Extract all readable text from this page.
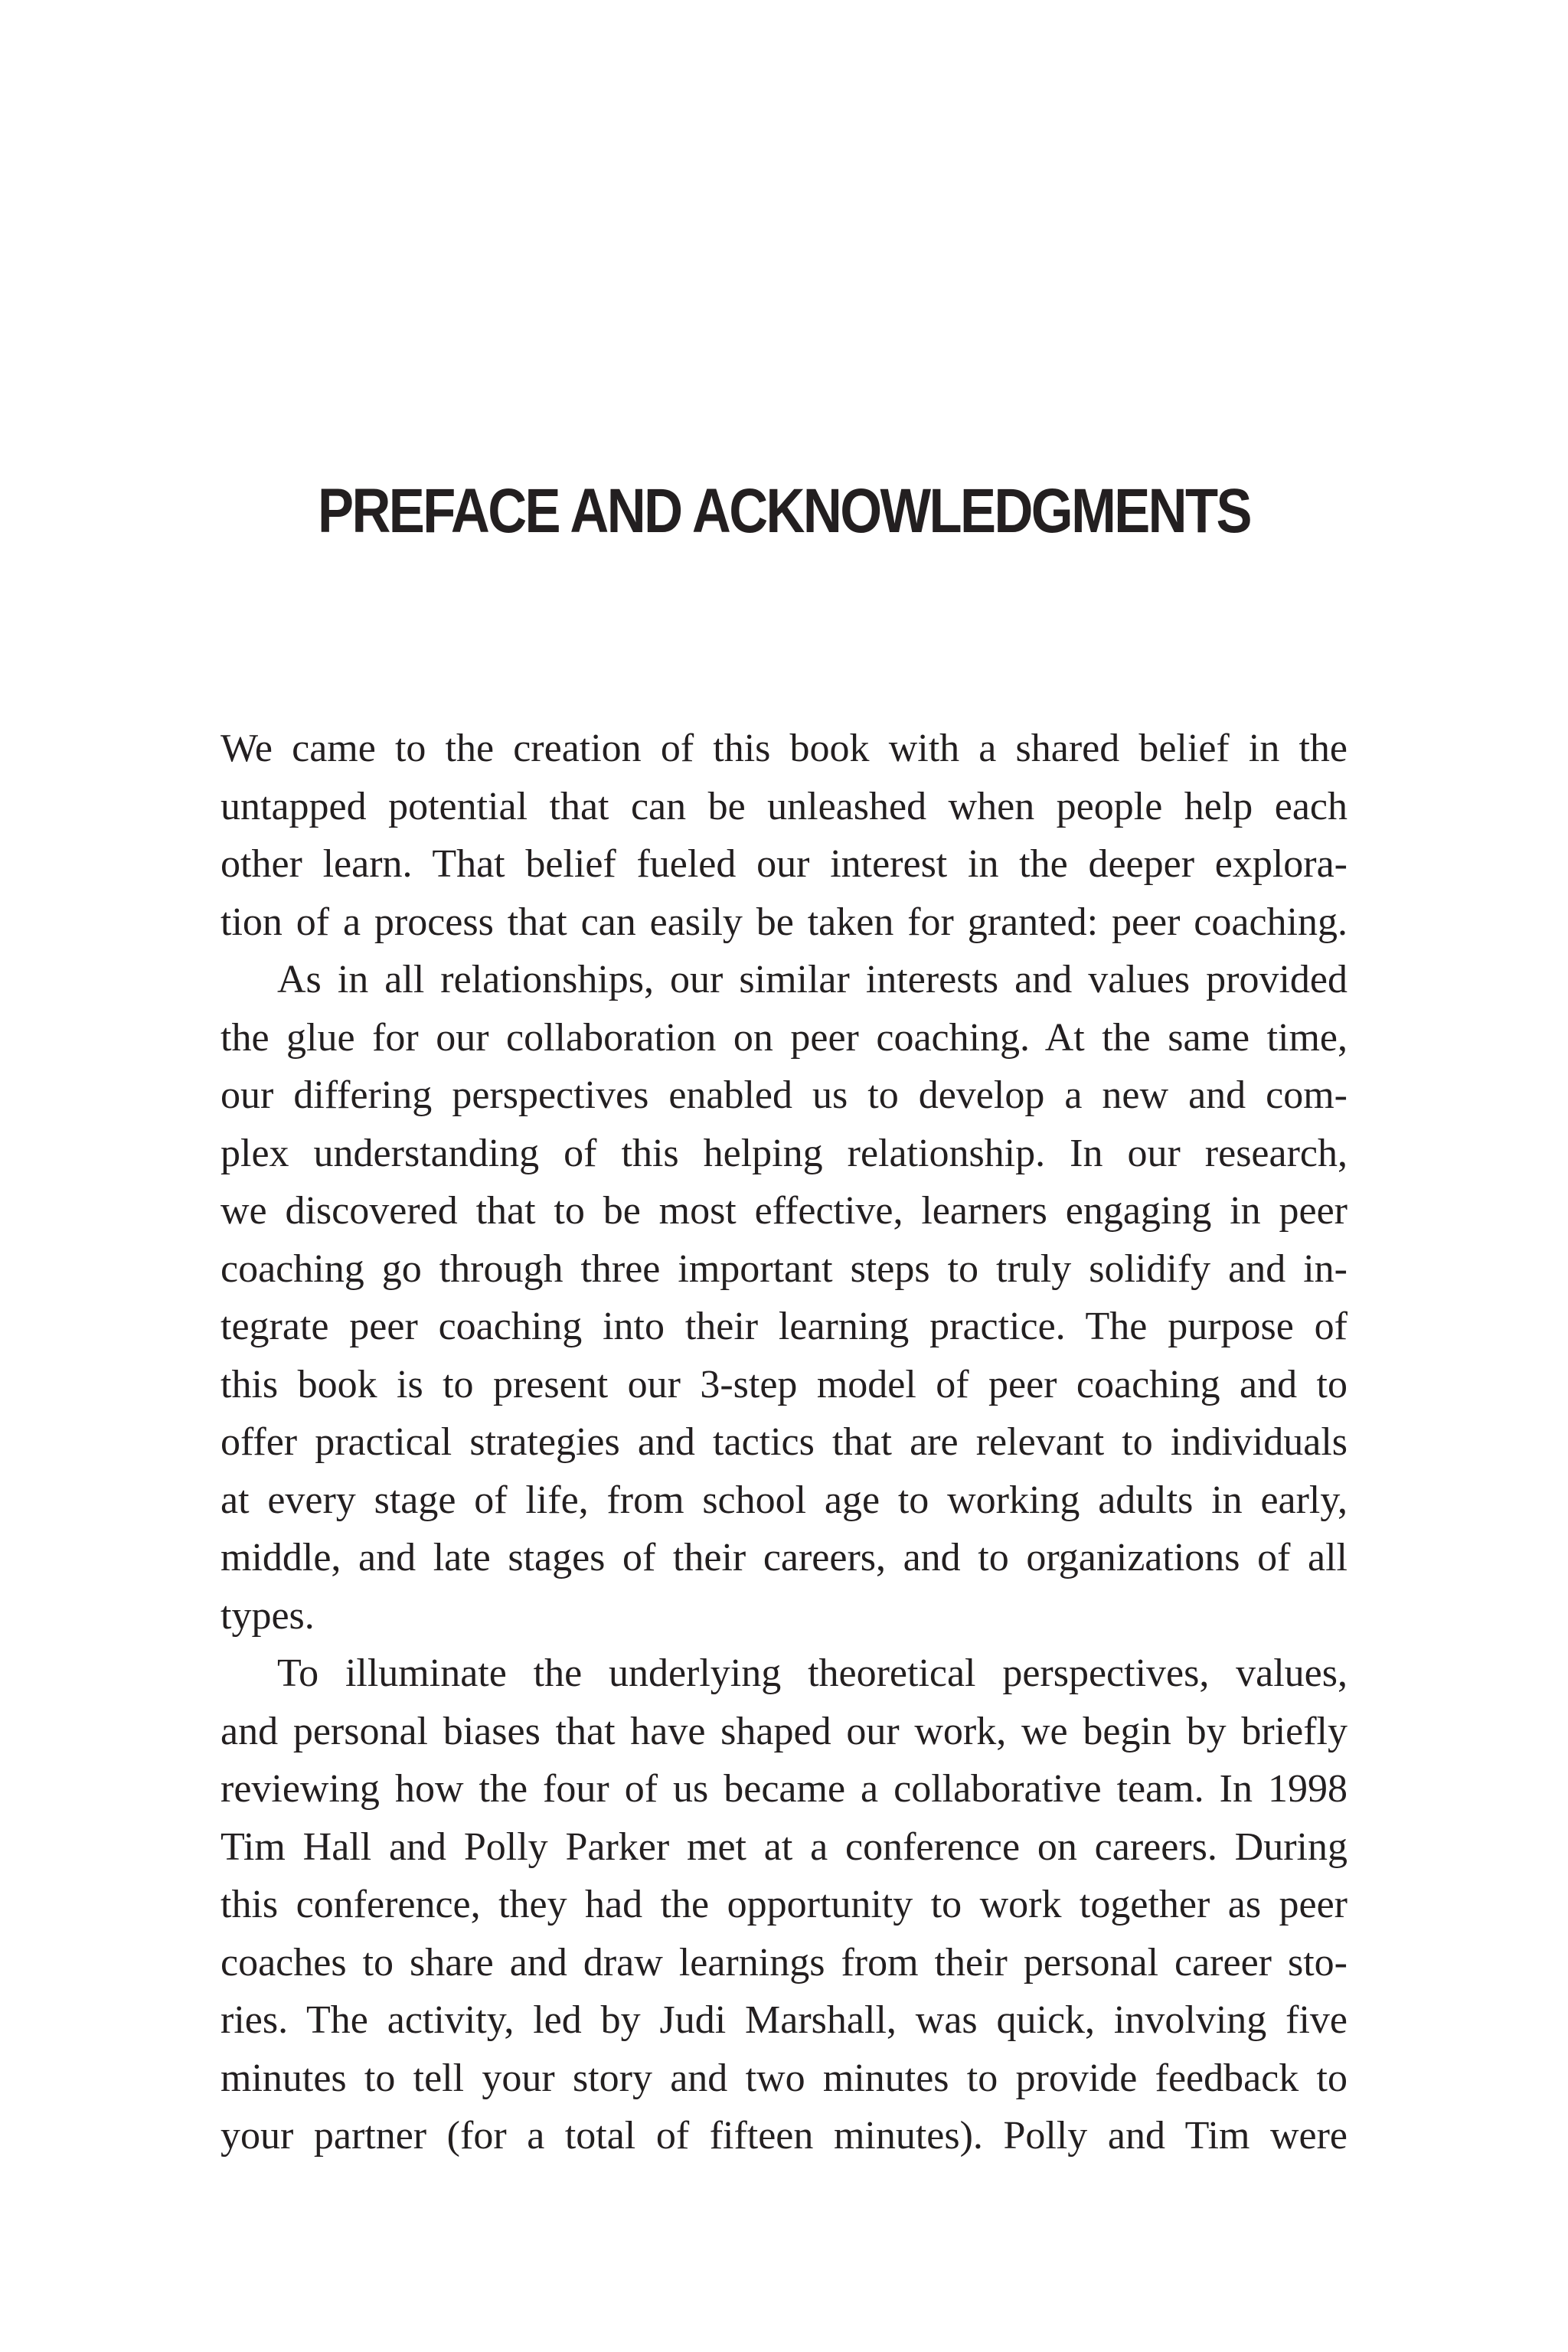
PREFACE AND ACKNOWLEDGMENTS
We came to the creation of this book with a shared belief in the
untapped potential that can be unleashed when people help each
other learn. That belief fueled our interest in the deeper explora-
tion of a process that can easily be taken for granted: peer coaching.
As in all relationships, our similar interests and values provided
the glue for our collaboration on peer coaching. At the same time,
our differing perspectives enabled us to develop a new and com-
plex understanding of this helping relationship. In our research,
we discovered that to be most effective, learners engaging in peer
coaching go through three important steps to truly solidify and in-
tegrate peer coaching into their learning practice. The purpose of
this book is to present our 3-step model of peer coaching and to
offer practical strategies and tactics that are relevant to individuals
at every stage of life, from school age to working adults in early,
middle, and late stages of their careers, and to organizations of all
types.
To illuminate the underlying theoretical perspectives, values,
and personal biases that have shaped our work, we begin by briefly
reviewing how the four of us became a collaborative team. In 1998
Tim Hall and Polly Parker met at a conference on careers. During
this conference, they had the opportunity to work together as peer
coaches to share and draw learnings from their personal career sto-
ries. The activity, led by Judi Marshall, was quick, involving five
minutes to tell your story and two minutes to provide feedback to
your partner (for a total of fifteen minutes). Polly and Tim were
